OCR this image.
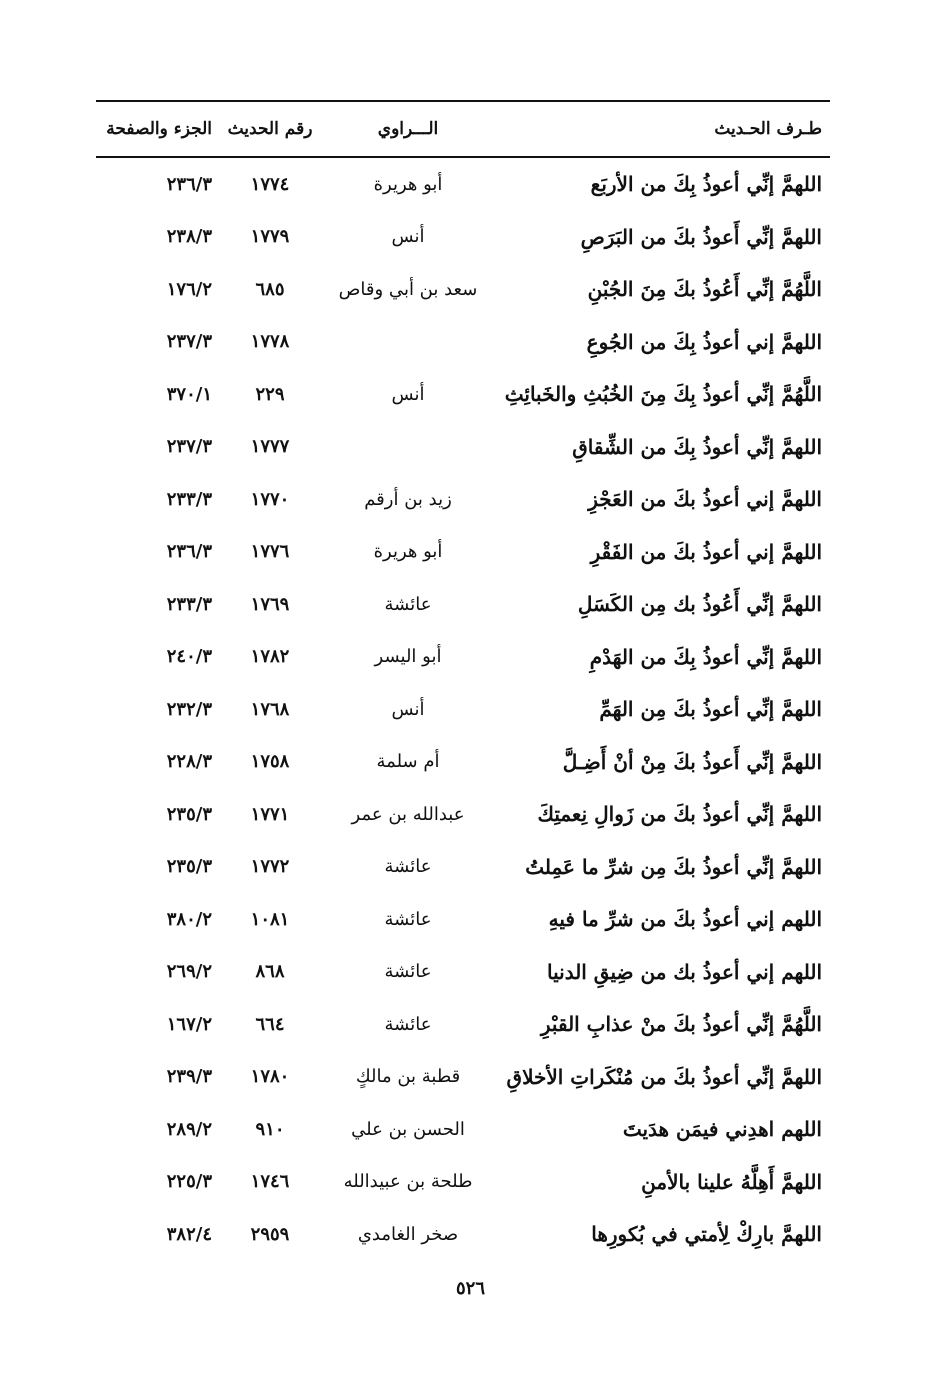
طـرف الحـديث
الـــراوي
رقم الحديث
الجزء والصفحة
اللهمَّ إنِّي أعوذُ بِكَ من الأربَع
أبو هريرة
١٧٧٤
٢٣٦/٣
اللهمَّ إنِّي أَعوذُ بكَ من البَرَصِ
أنس
١٧٧٩
٢٣٨/٣
اللَّهُمَّ إنِّي أَعُوذُ بكَ مِنَ الجُبْنِ
سعد بن أبي وقاص
٦٨٥
١٧٦/٢
اللهمَّ إني أعوذُ بِكَ من الجُوعِ
١٧٧٨
٢٣٧/٣
اللَّهُمَّ إنِّي أعوذُ بِكَ مِنَ الخُبُثِ والخَبائِثِ
أنس
٢٢٩
٣٧٠/١
اللهمَّ إنِّي أعوذُ بِكَ من الشِّقاقِ
١٧٧٧
٢٣٧/٣
اللهمَّ إني أعوذُ بكَ من العَجْزِ
زيد بن أرقم
١٧٧٠
٢٣٣/٣
اللهمَّ إني أعوذُ بكَ من الفَقْرِ
أبو هريرة
١٧٧٦
٢٣٦/٣
اللهمَّ إنِّي أَعُوذُ بك مِن الكَسَلِ
عائشة
١٧٦٩
٢٣٣/٣
اللهمَّ إنِّي أعوذُ بِكَ من الهَدْمِ
أبو اليسر
١٧٨٢
٢٤٠/٣
اللهمَّ إنِّي أعوذُ بكَ مِن الهَمِّ
أنس
١٧٦٨
٢٣٢/٣
اللهمَّ إنِّي أَعوذُ بكَ مِنْ أنْ أَضِـلَّ
أم سلمة
١٧٥٨
٢٢٨/٣
اللهمَّ إنِّي أعوذُ بكَ من زَوالِ نِعمتِكَ
عبدالله بن عمر
١٧٧١
٢٣٥/٣
اللهمَّ إنِّي أعوذُ بكَ مِن شرِّ ما عَمِلتُ
عائشة
١٧٧٢
٢٣٥/٣
اللهم إني أعوذُ بكَ من شرِّ ما فيهِ
عائشة
١٠٨١
٣٨٠/٢
اللهم إني أعوذُ بك من ضِيقِ الدنيا
عائشة
٨٦٨
٢٦٩/٢
اللَّهُمَّ إنِّي أعوذُ بكَ منْ عذابِ القبْرِ
عائشة
٦٦٤
١٦٧/٢
اللهمَّ إنِّي أعوذُ بكَ من مُنْكَراتِ الأخلاقِ
قطبة بن مالكٍ
١٧٨٠
٢٣٩/٣
اللهم اهدِني فيمَن هدَيتَ
الحسن بن علي
٩١٠
٢٨٩/٢
اللهمَّ أَهِلَّهُ علينا بالأمنِ
طلحة بن عبيدالله
١٧٤٦
٢٢٥/٣
اللهمَّ بارِكْ لِأمتي في بُكورِها
صخر الغامدي
٢٩٥٩
٣٨٢/٤
٥٢٦
